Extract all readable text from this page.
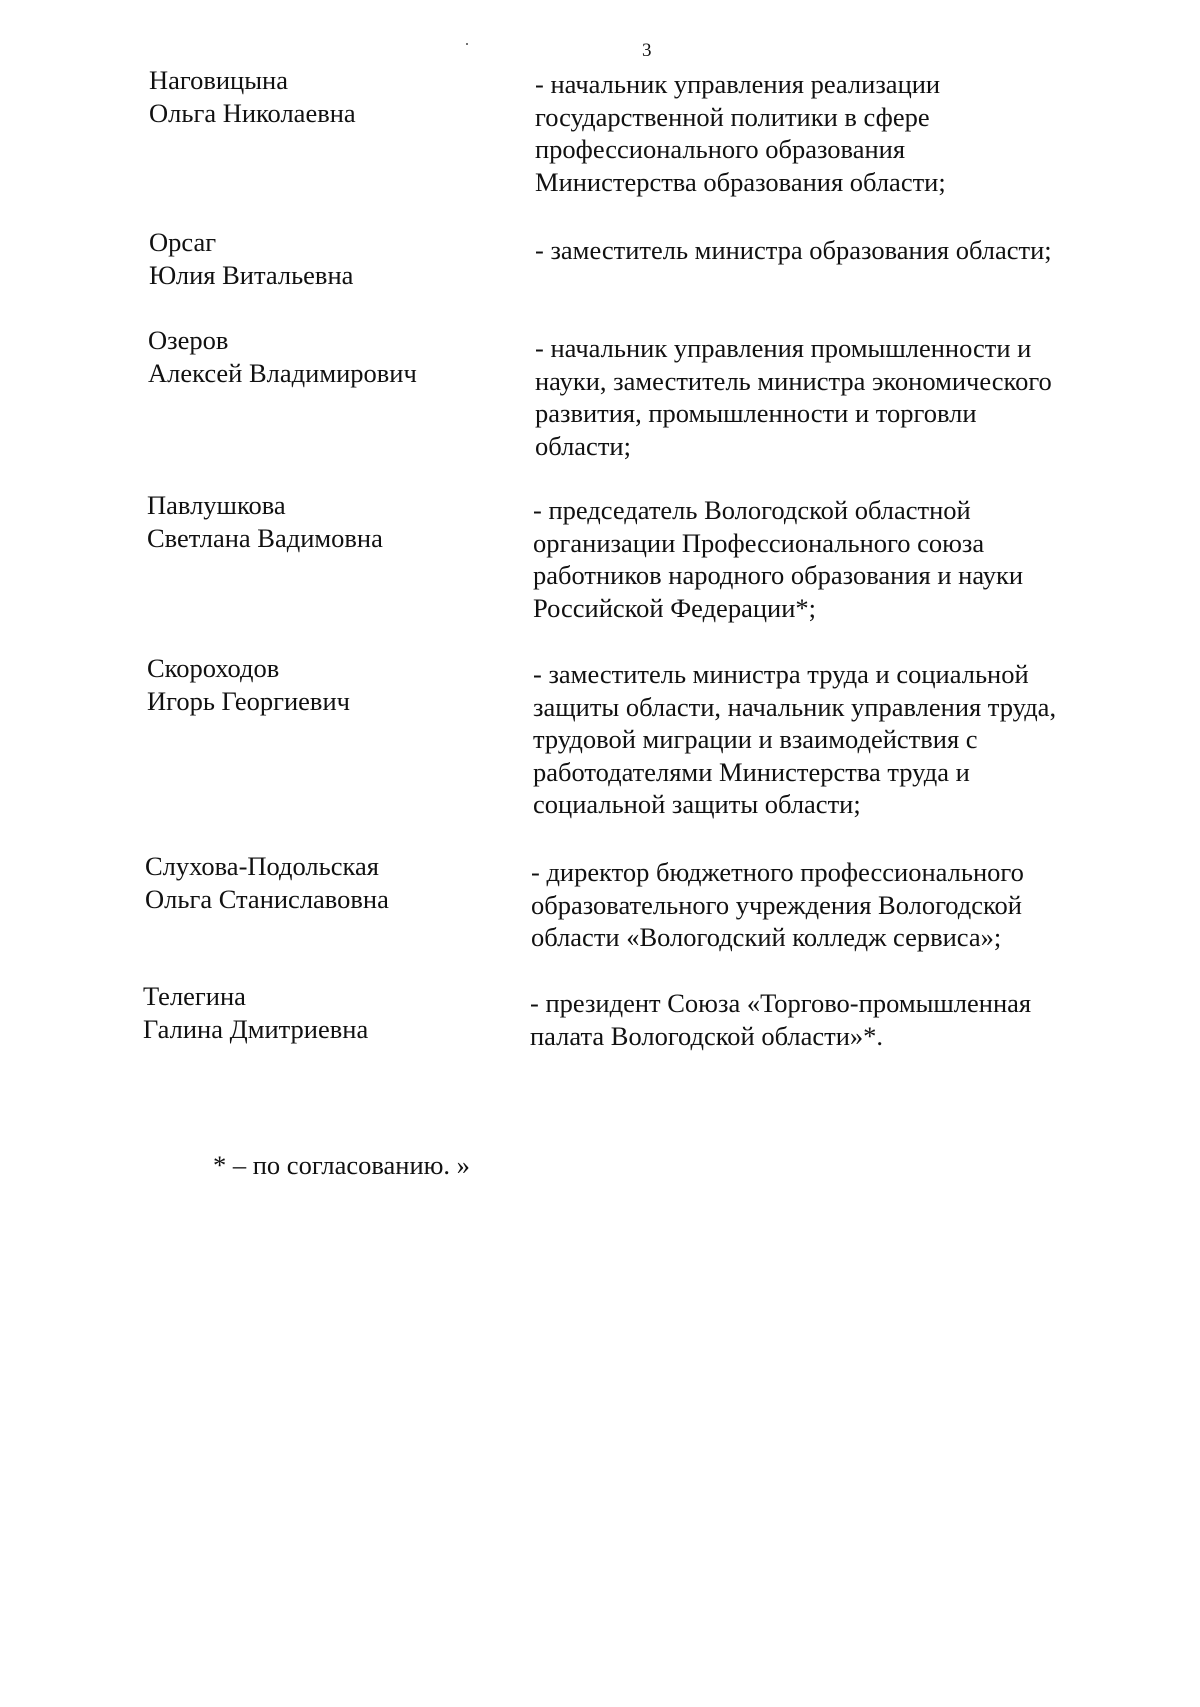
3
Наговицына
Ольга Николаевна
- начальник управления реализации
государственной политики в сфере
профессионального образования
Министерства образования области;
Орсаг
Юлия Витальевна
- заместитель министра образования области;
Озеров
Алексей Владимирович
- начальник управления промышленности и
науки, заместитель министра экономического
развития, промышленности и торговли
области;
Павлушкова
Светлана Вадимовна
- председатель Вологодской областной
организации Профессионального союза
работников народного образования и науки
Российской Федерации*;
Скороходов
Игорь Георгиевич
- заместитель министра труда и социальной
защиты области, начальник управления труда,
трудовой миграции и взаимодействия с
работодателями Министерства труда и
социальной защиты области;
Слухова-Подольская
Ольга Станиславовна
- директор бюджетного профессионального
образовательного учреждения Вологодской
области «Вологодский колледж сервиса»;
Телегина
Галина Дмитриевна
- президент Союза «Торгово-промышленная
палата Вологодской области»*.
* – по согласованию. »
